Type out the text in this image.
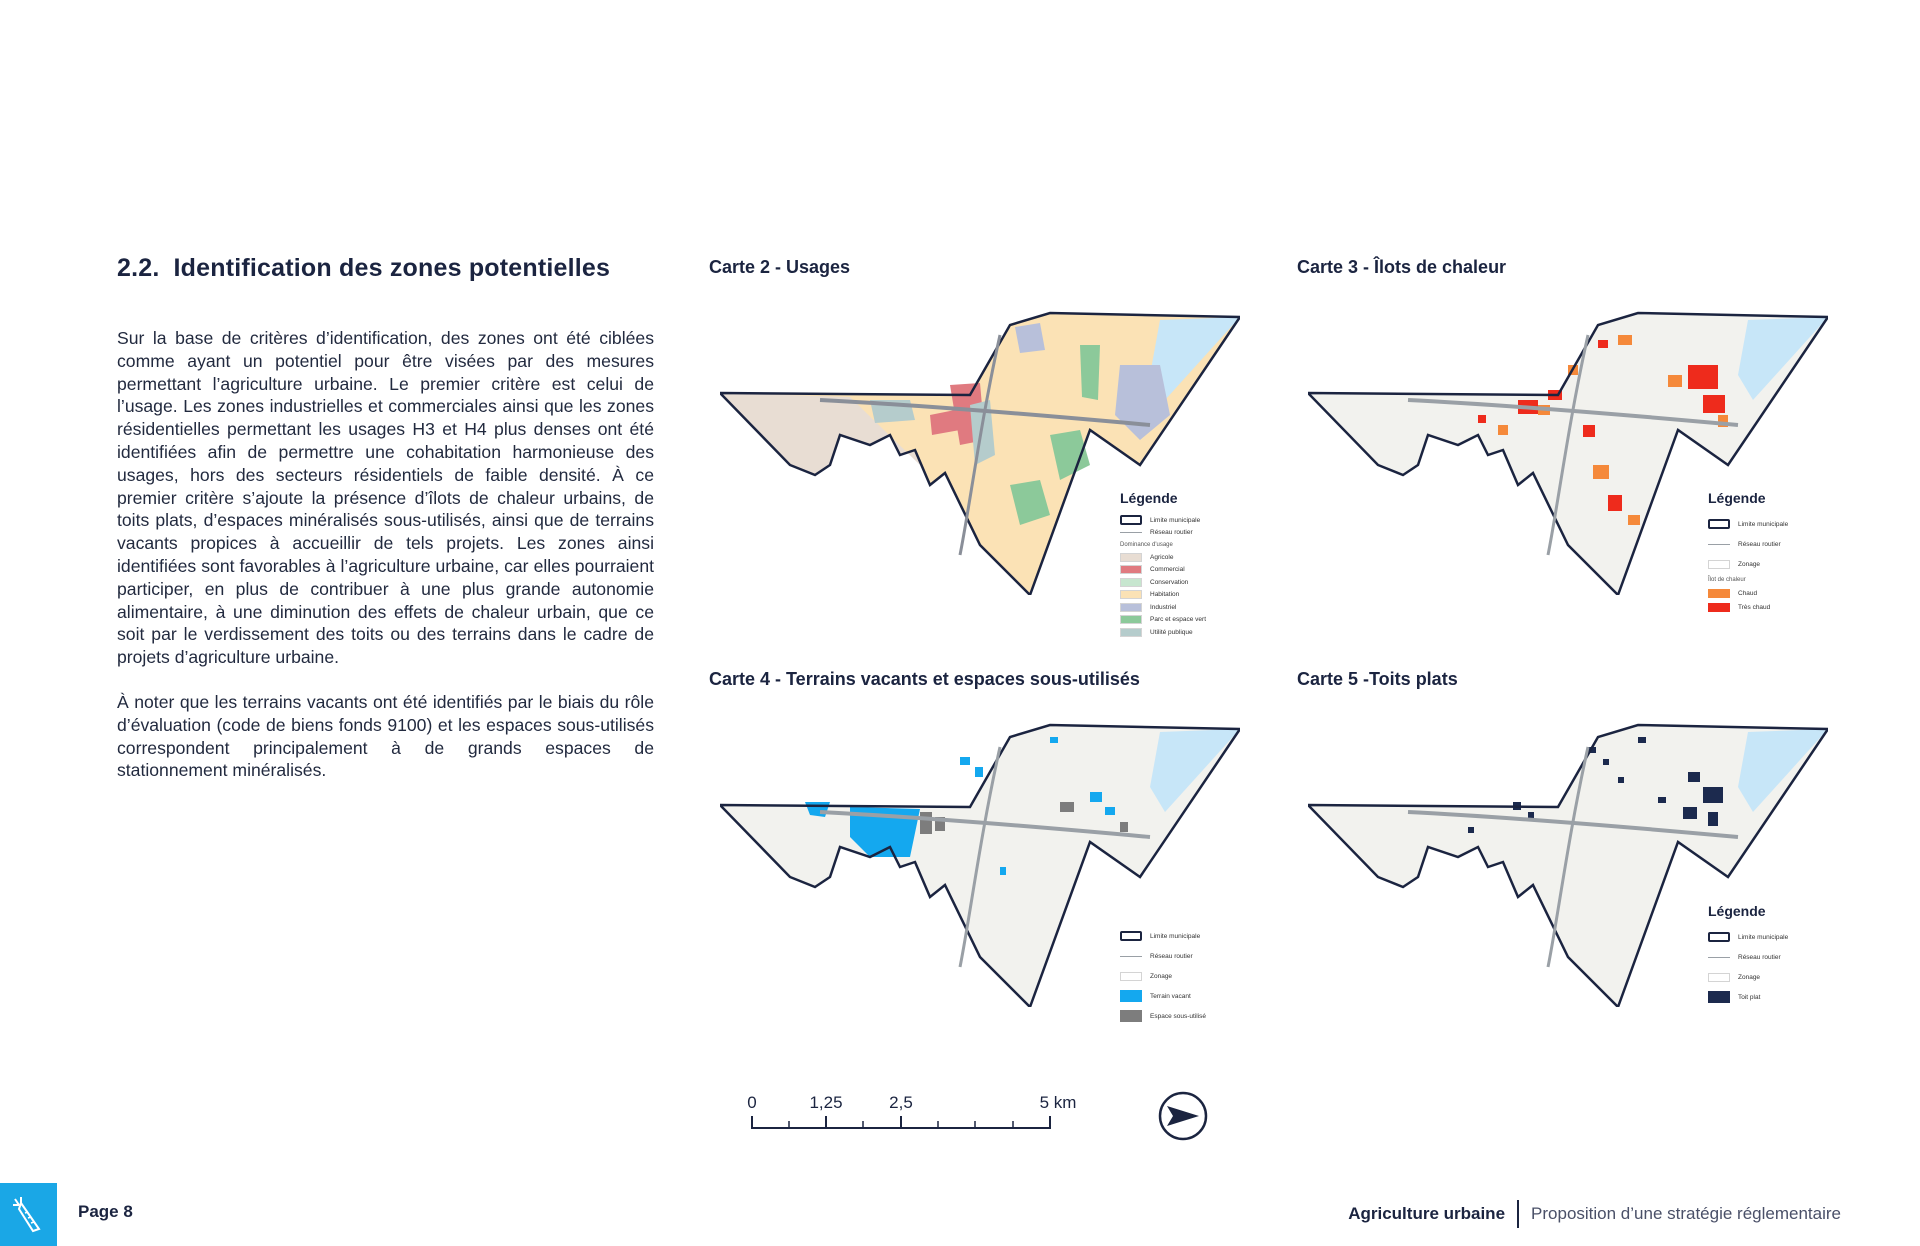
2.2. Identification des zones potentielles

Sur la base de critères d’identification, des zones ont été ciblées comme ayant un potentiel pour être visées par des mesures permettant l’agriculture urbaine. Le premier critère est celui de l’usage. Les zones industrielles et commerciales ainsi que les zones résidentielles permettant les usages H3 et H4 plus denses ont été identifiées afin de permettre une cohabitation harmonieuse des usages, hors des secteurs résidentiels de faible densité. À ce premier critère s’ajoute la présence d’îlots de chaleur urbains, de toits plats, d’espaces minéralisés sous-utilisés, ainsi que de terrains vacants propices à accueillir de tels projets. Les zones ainsi identifiées sont favorables à l’agriculture urbaine, car elles pourraient participer, en plus de contribuer à une plus grande autonomie alimentaire, à une diminution des effets de chaleur urbain, que ce soit par le verdissement des toits ou des terrains dans le cadre de projets d’agriculture urbaine.

À noter que les terrains vacants ont été identifiés par le biais du rôle d’évaluation (code de biens fonds 9100) et les espaces sous-utilisés correspondent principalement à de grands espaces de stationnement minéralisés.

Carte 2 - Usages
Légende
Limite municipale
Réseau routier
Dominance d'usage
Agricole
Commercial
Conservation
Habitation
Industriel
Parc et espace vert
Utilité publique
Carte 3 - Îlots de chaleur
Légende
Limite municipale
Réseau routier
Zonage
Îlot de chaleur
Chaud
Très chaud
Carte 4 - Terrains vacants et espaces sous-utilisés
Limite municipale
Réseau routier
Zonage
Terrain vacant
Espace sous-utilisé
Carte 5 -Toits plats
Légende
Limite municipale
Réseau routier
Zonage
Toit plat
0	1,25	2,5	5 km
Page 8	Agriculture urbaine Proposition d’une stratégie réglementaire
